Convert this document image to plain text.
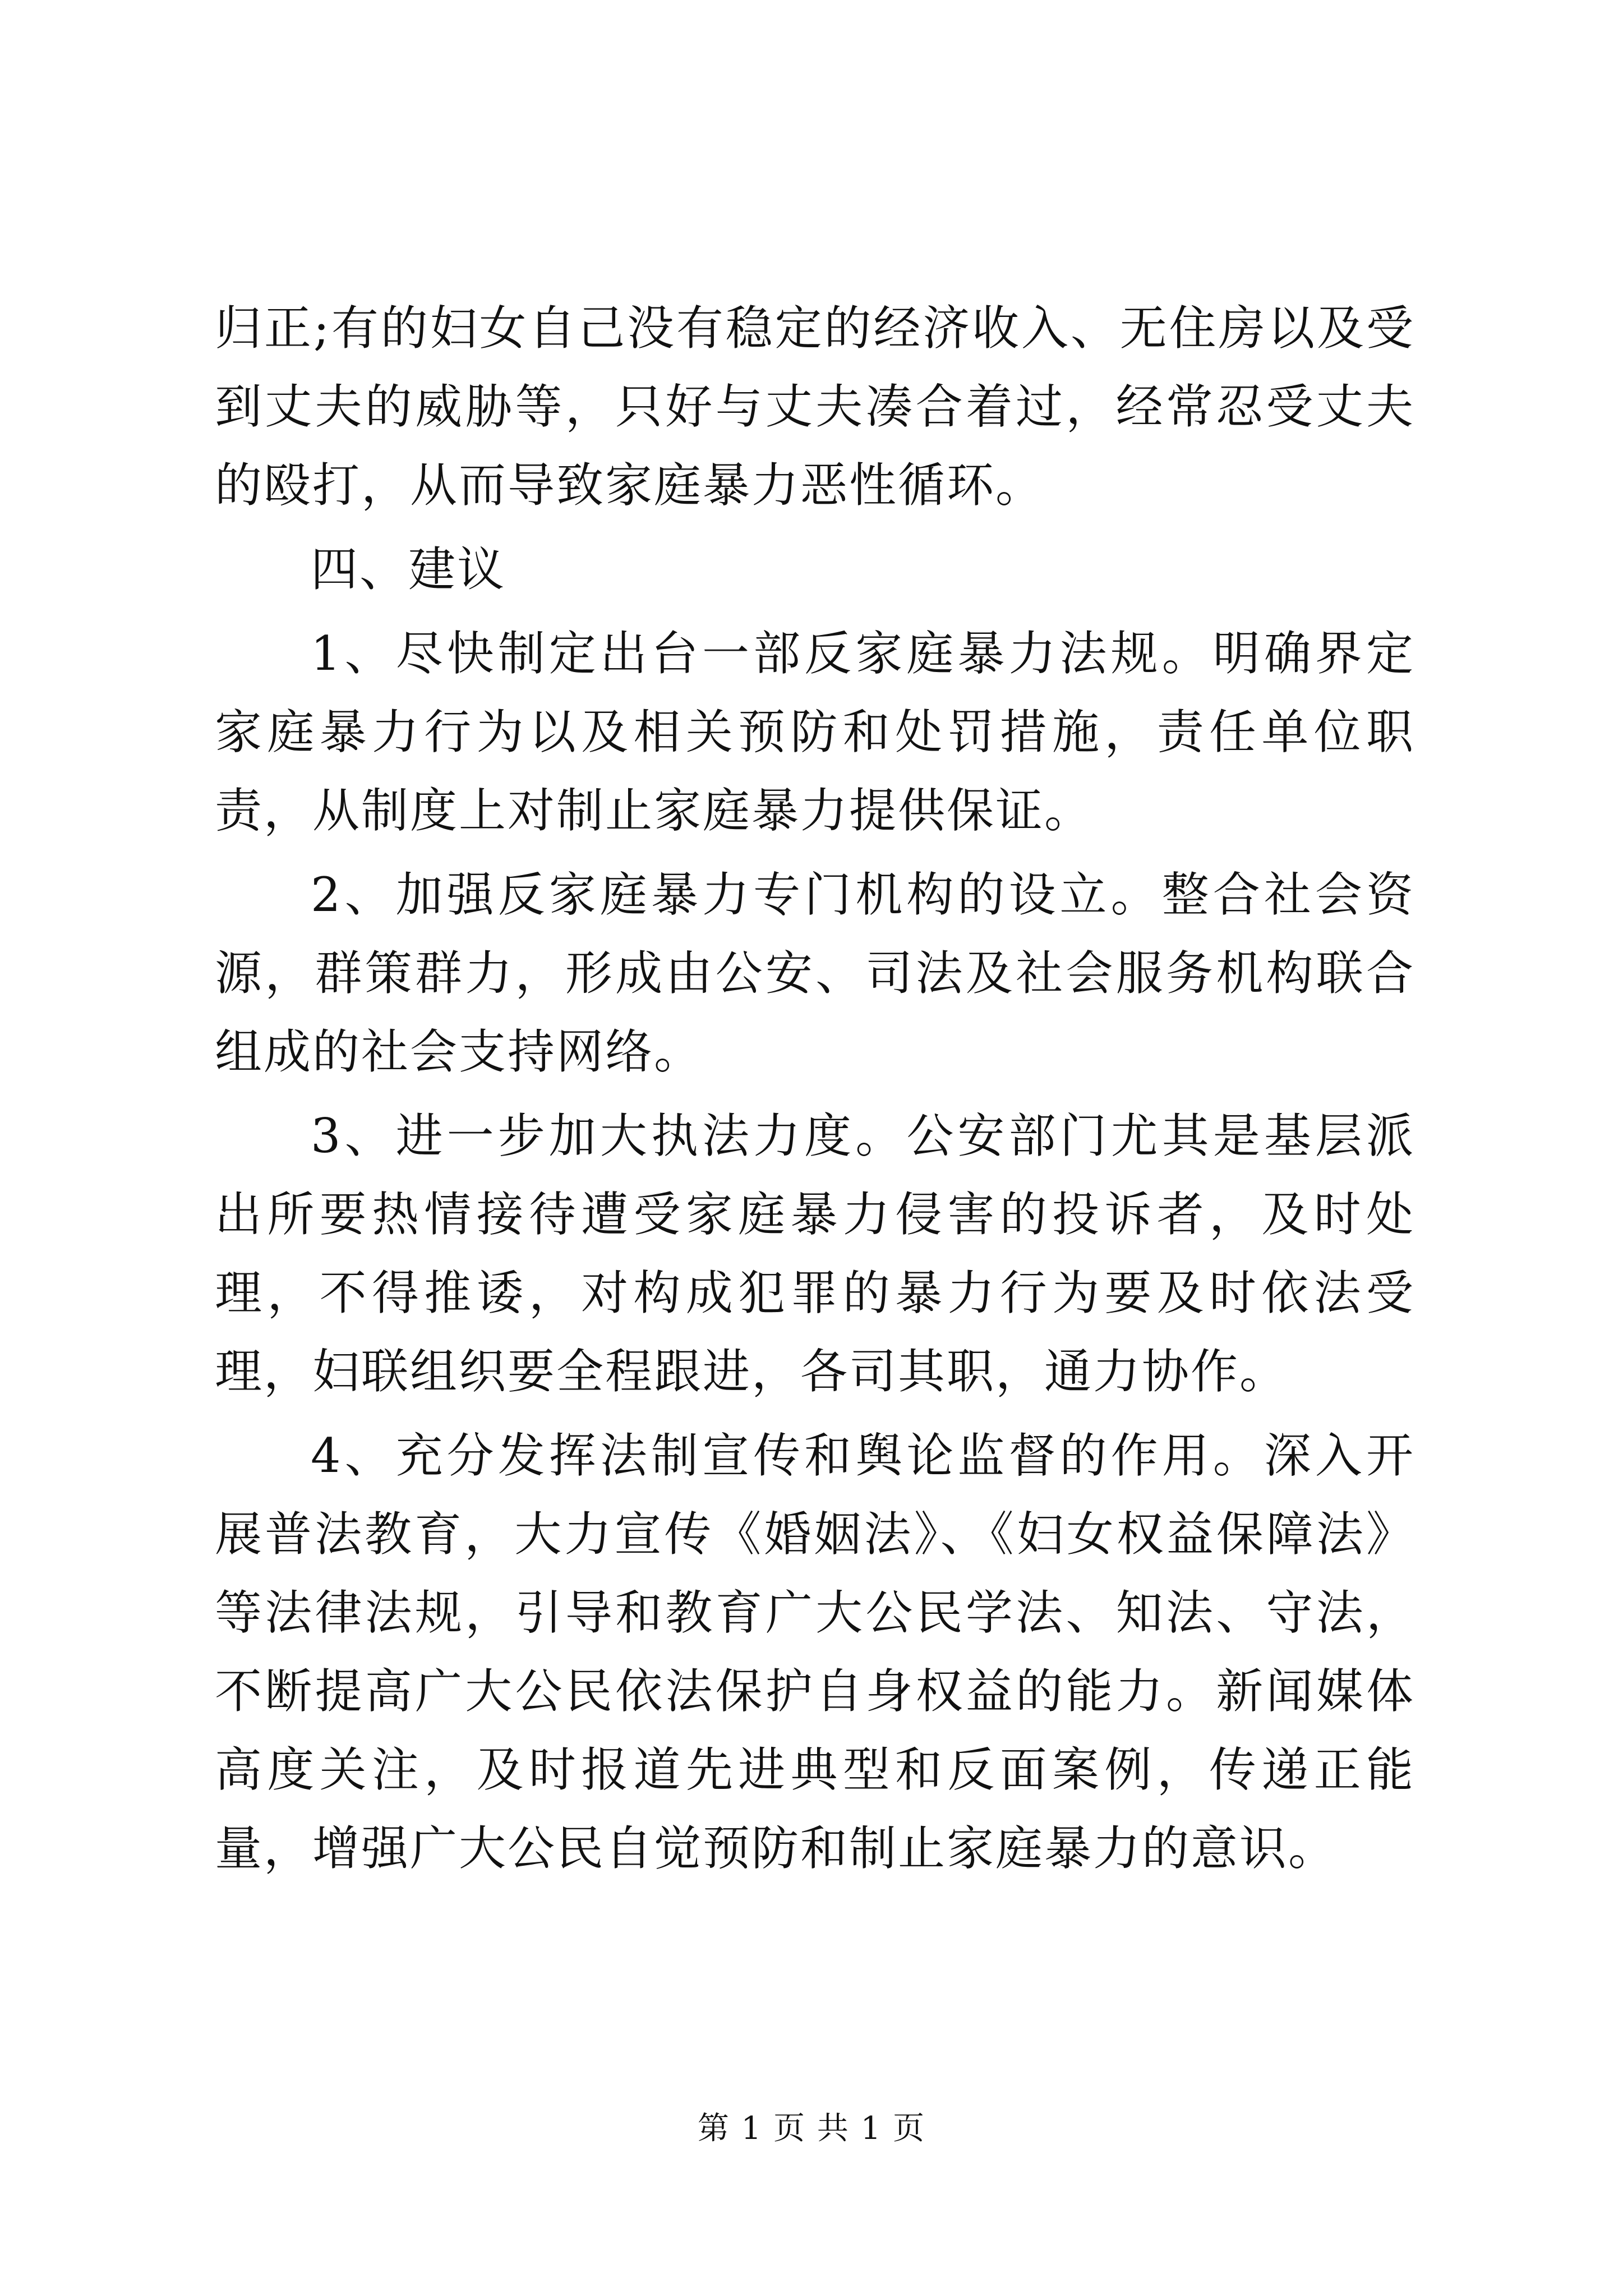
归正;有的妇女自己没有稳定的经济收入、无住房以及受到丈夫的威胁等，只好与丈夫凑合着过，经常忍受丈夫的殴打，从而导致家庭暴力恶性循环。

四、建议

1、尽快制定出台一部反家庭暴力法规。明确界定家庭暴力行为以及相关预防和处罚措施，责任单位职责，从制度上对制止家庭暴力提供保证。

2、加强反家庭暴力专门机构的设立。整合社会资源，群策群力，形成由公安、司法及社会服务机构联合组成的社会支持网络。

3、进一步加大执法力度。公安部门尤其是基层派出所要热情接待遭受家庭暴力侵害的投诉者，及时处理，不得推诿，对构成犯罪的暴力行为要及时依法受理，妇联组织要全程跟进，各司其职，通力协作。

4、充分发挥法制宣传和舆论监督的作用。深入开展普法教育，大力宣传《婚姻法》、《妇女权益保障法》等法律法规，引导和教育广大公民学法、知法、守法，不断提高广大公民依法保护自身权益的能力。新闻媒体高度关注，及时报道先进典型和反面案例，传递正能量，增强广大公民自觉预防和制止家庭暴力的意识。

第 1 页 共 1 页
